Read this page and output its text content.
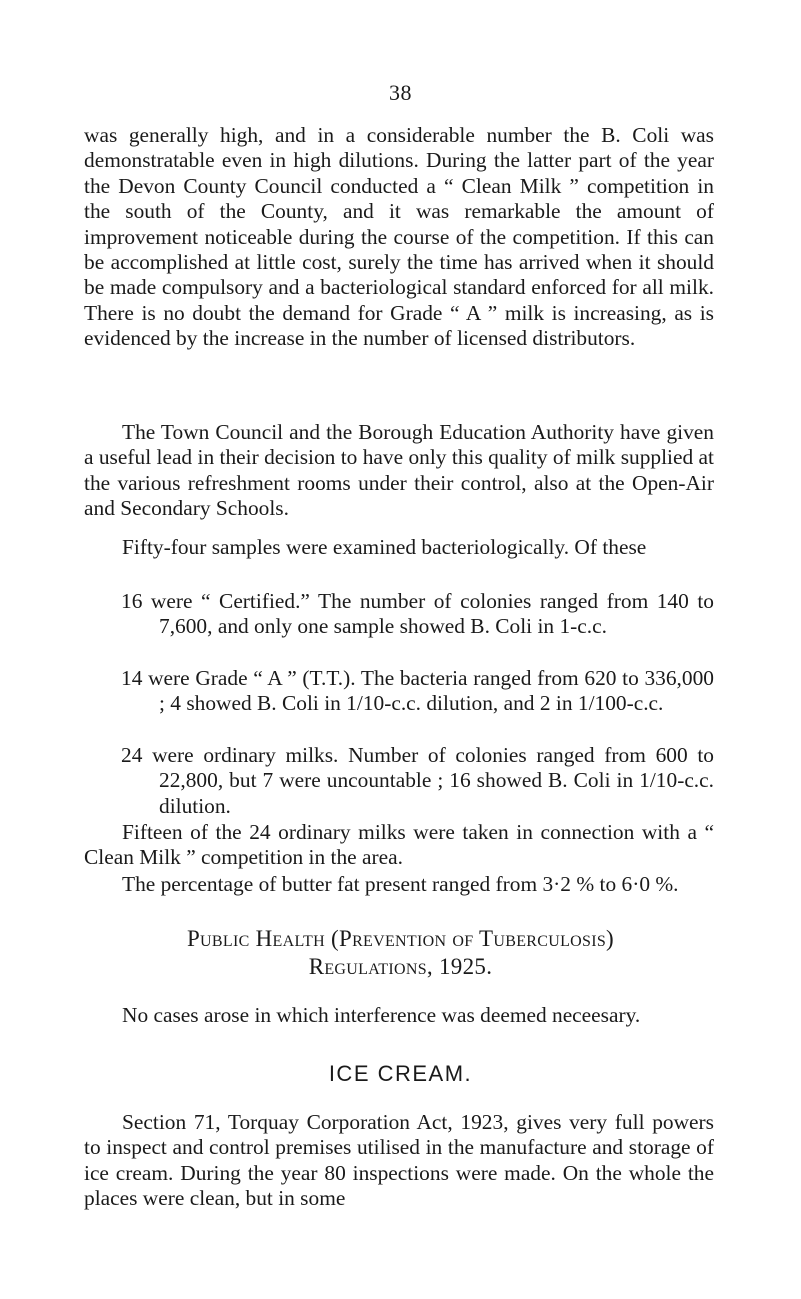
38

was generally high, and in a considerable number the B. Coli was demonstratable even in high dilutions. During the latter part of the year the Devon County Council conducted a “ Clean Milk ” competition in the south of the County, and it was remarkable the amount of improvement noticeable during the course of the competition. If this can be accomplished at little cost, surely the time has arrived when it should be made compulsory and a bacteriological standard enforced for all milk. There is no doubt the demand for Grade “ A ” milk is increasing, as is evidenced by the increase in the number of licensed distributors.

The Town Council and the Borough Education Authority have given a useful lead in their decision to have only this quality of milk supplied at the various refreshment rooms under their control, also at the Open-Air and Secondary Schools.

Fifty-four samples were examined bacteriologically. Of these

16 were “ Certified.” The number of colonies ranged from 140 to 7,600, and only one sample showed B. Coli in 1-c.c.

14 were Grade “ A ” (T.T.). The bacteria ranged from 620 to 336,000 ; 4 showed B. Coli in 1/10-c.c. dilution, and 2 in 1/100-c.c.

24 were ordinary milks. Number of colonies ranged from 600 to 22,800, but 7 were uncountable ; 16 showed B. Coli in 1/10-c.c. dilution.

Fifteen of the 24 ordinary milks were taken in connection with a “ Clean Milk ” competition in the area.

The percentage of butter fat present ranged from 3·2 % to 6·0 %.

Public Health (Prevention of Tuberculosis)

Regulations, 1925.

No cases arose in which interference was deemed neceesary.

ICE CREAM.

Section 71, Torquay Corporation Act, 1923, gives very full powers to inspect and control premises utilised in the manufacture and storage of ice cream. During the year 80 inspections were made. On the whole the places were clean, but in some
